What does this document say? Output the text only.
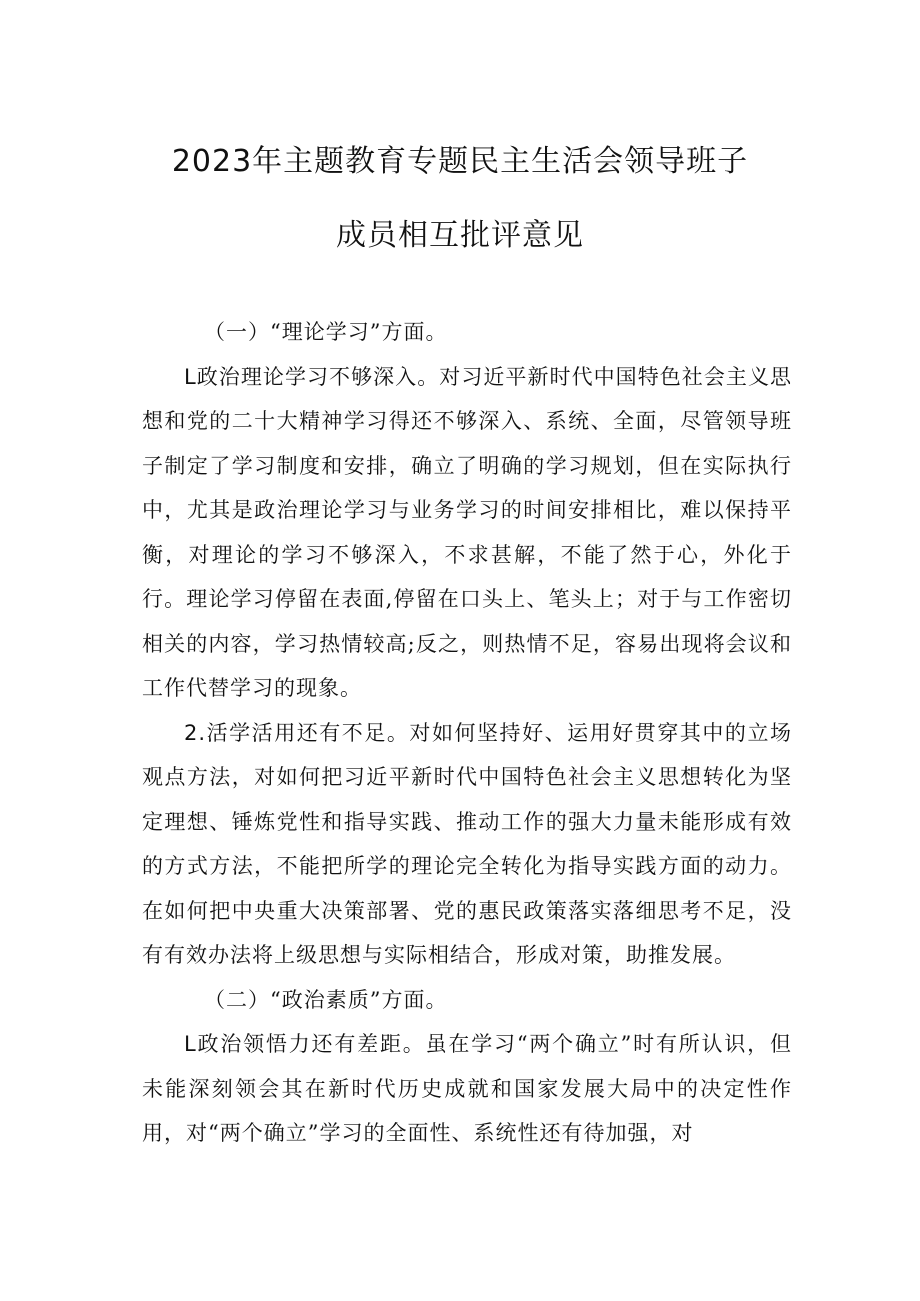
2023年主题教育专题民主生活会领导班子
成员相互批评意见

（一）“理论学习”方面。

L政治理论学习不够深入。对习近平新时代中国特色社会主义思想和党的二十大精神学习得还不够深入、系统、全面，尽管领导班子制定了学习制度和安排，确立了明确的学习规划，但在实际执行中，尤其是政治理论学习与业务学习的时间安排相比，难以保持平衡，对理论的学习不够深入，不求甚解，不能了然于心，外化于行。理论学习停留在表面,停留在口头上、笔头上；对于与工作密切相关的内容，学习热情较高;反之，则热情不足，容易出现将会议和工作代替学习的现象。

2.活学活用还有不足。对如何坚持好、运用好贯穿其中的立场观点方法，对如何把习近平新时代中国特色社会主义思想转化为坚定理想、锤炼党性和指导实践、推动工作的强大力量未能形成有效的方式方法，不能把所学的理论完全转化为指导实践方面的动力。在如何把中央重大决策部署、党的惠民政策落实落细思考不足，没有有效办法将上级思想与实际相结合，形成对策，助推发展。

（二）“政治素质”方面。

L政治领悟力还有差距。虽在学习“两个确立”时有所认识，但未能深刻领会其在新时代历史成就和国家发展大局中的决定性作用，对“两个确立”学习的全面性、系统性还有待加强，对
